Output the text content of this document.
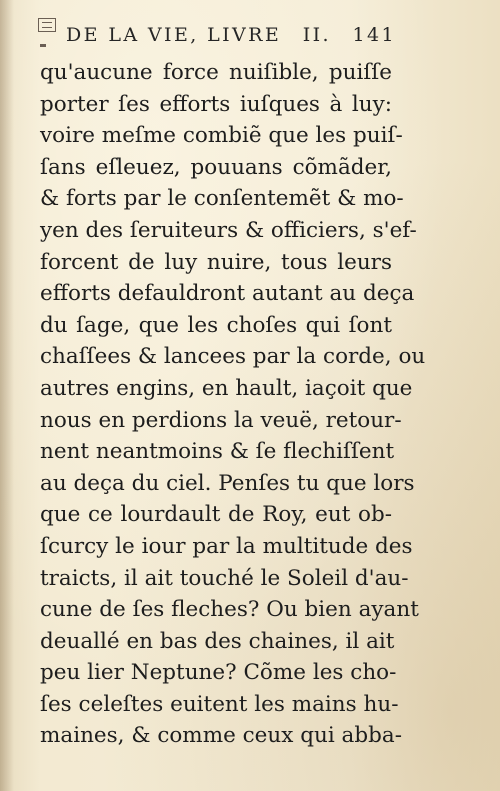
DE LA VIE, LIVRE II. 141
qu'aucune force nuiſible, puiſſe
porter ſes efforts iuſques à luy:
voire meſme combiẽ que les puiſ-
ſans eſleuez, pouuans cõmãder,
& forts par le conſentemẽt & mo-
yen des ſeruiteurs & officiers, s'ef-
forcent de luy nuire, tous leurs
efforts defauldront autant au deça
du ſage, que les choſes qui ſont
chaſſees & lancees par la corde, ou
autres engins, en hault, iaçoit que
nous en perdions la veuë, retour-
nent neantmoins & ſe flechiſſent
au deça du ciel. Penſes tu que lors
que ce lourdault de Roy, eut ob-
ſcurcy le iour par la multitude des
traicts, il ait touché le Soleil d'au-
cune de ſes fleches? Ou bien ayant
deuallé en bas des chaines, il ait
peu lier Neptune? Cõme les cho-
ſes celeſtes euitent les mains hu-
maines, & comme ceux qui abba-
